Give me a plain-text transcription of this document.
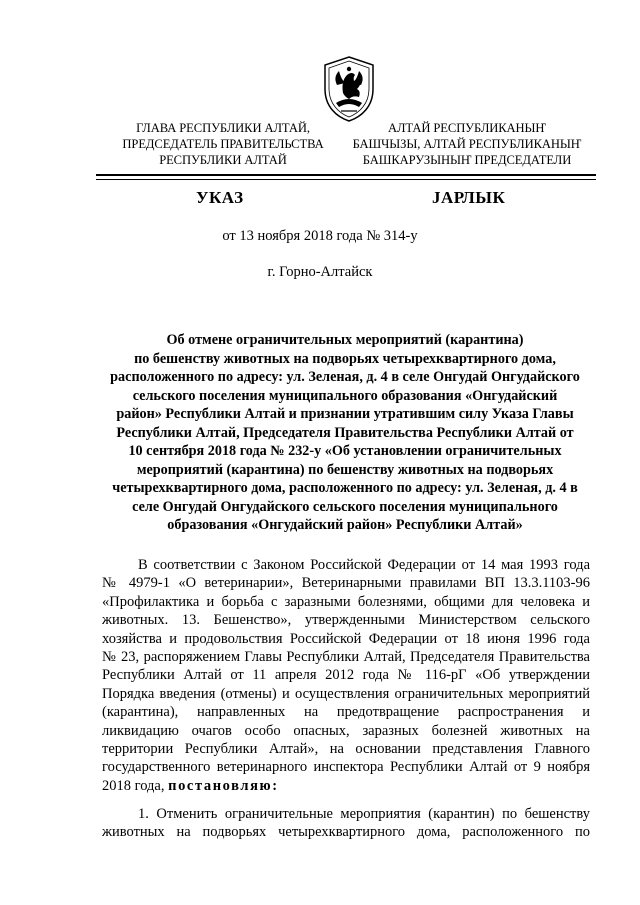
ГЛАВА РЕСПУБЛИКИ АЛТАЙ,
ПРЕДСЕДАТЕЛЬ ПРАВИТЕЛЬСТВА
РЕСПУБЛИКИ АЛТАЙ
АЛТАЙ РЕСПУБЛИКАНЫҤ
БАШЧЫЗЫ, АЛТАЙ РЕСПУБЛИКАНЫҤ
БАШКАРУЗЫНЫҤ ПРЕДСЕДАТЕЛИ
УКАЗ	ЈАРЛЫК
от 13 ноября 2018 года № 314-у
г. Горно-Алтайск
Об отмене ограничительных мероприятий (карантина)
по бешенству животных на подворьях четырехквартирного дома,
расположенного по адресу: ул. Зеленая, д. 4 в селе Онгудай Онгудайского
сельского поселения муниципального образования «Онгудайский
район» Республики Алтай и признании утратившим силу Указа Главы
Республики Алтай, Председателя Правительства Республики Алтай от
10 сентября 2018 года № 232-у «Об установлении ограничительных
мероприятий (карантина) по бешенству животных на подворьях
четырехквартирного дома, расположенного по адресу: ул. Зеленая, д. 4 в
селе Онгудай Онгудайского сельского поселения муниципального
образования «Онгудайский район» Республики Алтай»
В соответствии с Законом Российской Федерации от 14 мая 1993 года
№ 4979-1 «О ветеринарии», Ветеринарными правилами ВП 13.3.1103-96
«Профилактика и борьба с заразными болезнями, общими для человека и
животных. 13. Бешенство», утвержденными Министерством сельского
хозяйства и продовольствия Российской Федерации от 18 июня 1996 года
№ 23, распоряжением Главы Республики Алтай, Председателя Правительства
Республики Алтай от 11 апреля 2012 года № 116-рГ «Об утверждении
Порядка введения (отмены) и осуществления ограничительных мероприятий
(карантина), направленных на предотвращение распространения и
ликвидацию очагов особо опасных, заразных болезней животных на
территории Республики Алтай», на основании представления Главного
государственного ветеринарного инспектора Республики Алтай от 9 ноября
2018 года, постановляю:
1. Отменить ограничительные мероприятия (карантин) по бешенству
животных на подворьях четырехквартирного дома, расположенного по
